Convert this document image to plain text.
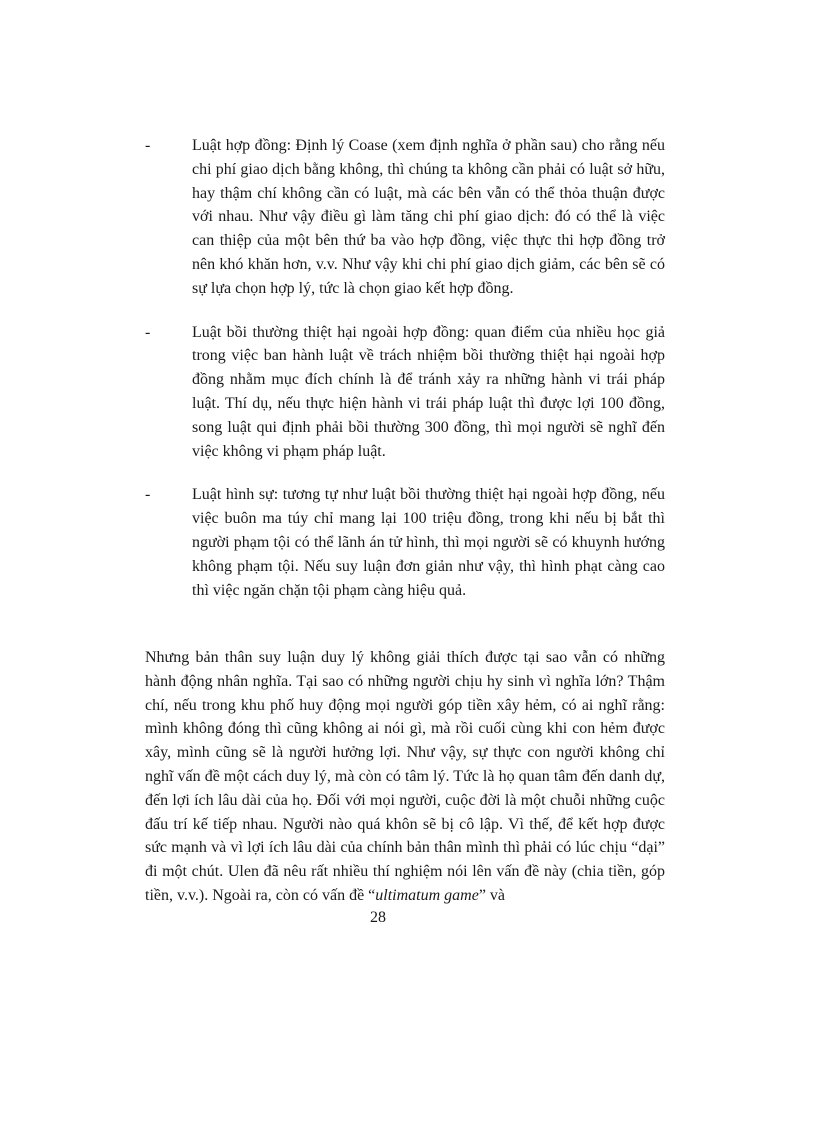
-	Luật hợp đồng: Định lý Coase (xem định nghĩa ở phần sau) cho rằng nếu chi phí giao dịch bằng không, thì chúng ta không cần phải có luật sở hữu, hay thậm chí không cần có luật, mà các bên vẫn có thể thỏa thuận được với nhau. Như vậy điều gì làm tăng chi phí giao dịch: đó có thể là việc can thiệp của một bên thứ ba vào hợp đồng, việc thực thi hợp đồng trở nên khó khăn hơn, v.v. Như vậy khi chi phí giao dịch giảm, các bên sẽ có sự lựa chọn hợp lý, tức là chọn giao kết hợp đồng.
-	Luật bồi thường thiệt hại ngoài hợp đồng: quan điểm của nhiều học giả trong việc ban hành luật về trách nhiệm bồi thường thiệt hại ngoài hợp đồng nhằm mục đích chính là để tránh xảy ra những hành vi trái pháp luật. Thí dụ, nếu thực hiện hành vi trái pháp luật thì được lợi 100 đồng, song luật qui định phải bồi thường 300 đồng, thì mọi người sẽ nghĩ đến việc không vi phạm pháp luật.
-	Luật hình sự: tương tự như luật bồi thường thiệt hại ngoài hợp đồng, nếu việc buôn ma túy chỉ mang lại 100 triệu đồng, trong khi nếu bị bắt thì người phạm tội có thể lãnh án tử hình, thì mọi người sẽ có khuynh hướng không phạm tội. Nếu suy luận đơn giản như vậy, thì hình phạt càng cao thì việc ngăn chặn tội phạm càng hiệu quả.

Nhưng bản thân suy luận duy lý không giải thích được tại sao vẫn có những hành động nhân nghĩa. Tại sao có những người chịu hy sinh vì nghĩa lớn? Thậm chí, nếu trong khu phố huy động mọi người góp tiền xây hẻm, có ai nghĩ rằng: mình không đóng thì cũng không ai nói gì, mà rồi cuối cùng khi con hẻm được xây, mình cũng sẽ là người hưởng lợi. Như vậy, sự thực con người không chỉ nghĩ vấn đề một cách duy lý, mà còn có tâm lý. Tức là họ quan tâm đến danh dự, đến lợi ích lâu dài của họ. Đối với mọi người, cuộc đời là một chuỗi những cuộc đấu trí kế tiếp nhau. Người nào quá khôn sẽ bị cô lập. Vì thế, để kết hợp được sức mạnh và vì lợi ích lâu dài của chính bản thân mình thì phải có lúc chịu “dại” đi một chút. Ulen đã nêu rất nhiều thí nghiệm nói lên vấn đề này (chia tiền, góp tiền, v.v.). Ngoài ra, còn có vấn đề “ultimatum game” và

28
